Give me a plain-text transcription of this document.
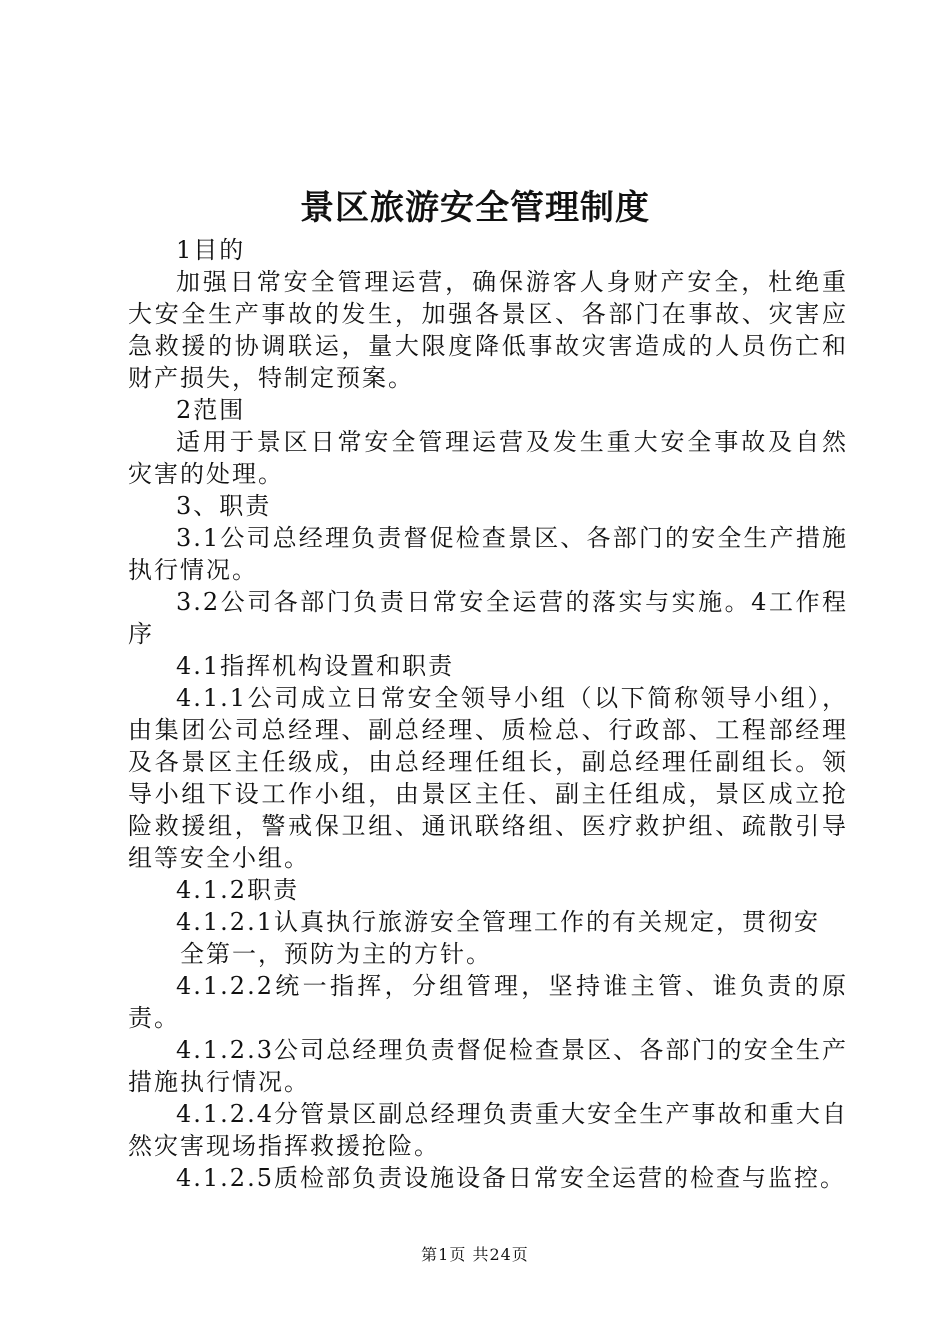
景区旅游安全管理制度

1目的

加强日常安全管理运营，确保游客人身财产安全，杜绝重大安全生产事故的发生，加强各景区、各部门在事故、灾害应急救援的协调联运，量大限度降低事故灾害造成的人员伤亡和财产损失，特制定预案。

2范围

适用于景区日常安全管理运营及发生重大安全事故及自然灾害的处理。

3、职责

3.1公司总经理负责督促检查景区、各部门的安全生产措施执行情况。

3.2公司各部门负责日常安全运营的落实与实施。4工作程序

4.1指挥机构设置和职责

4.1.1公司成立日常安全领导小组（以下简称领导小组），由集团公司总经理、副总经理、质检总、行政部、工程部经理及各景区主任级成，由总经理任组长，副总经理任副组长。领导小组下设工作小组，由景区主任、副主任组成，景区成立抢险救援组，警戒保卫组、通讯联络组、医疗救护组、疏散引导组等安全小组。

4.1.2职责

4.1.2.1认真执行旅游安全管理工作的有关规定，贯彻安

全第一，预防为主的方针。

4.1.2.2统一指挥，分组管理，坚持谁主管、谁负责的原责。

4.1.2.3公司总经理负责督促检查景区、各部门的安全生产措施执行情况。

4.1.2.4分管景区副总经理负责重大安全生产事故和重大自然灾害现场指挥救援抢险。

4.1.2.5质检部负责设施设备日常安全运营的检查与监控。

第1页 共24页
